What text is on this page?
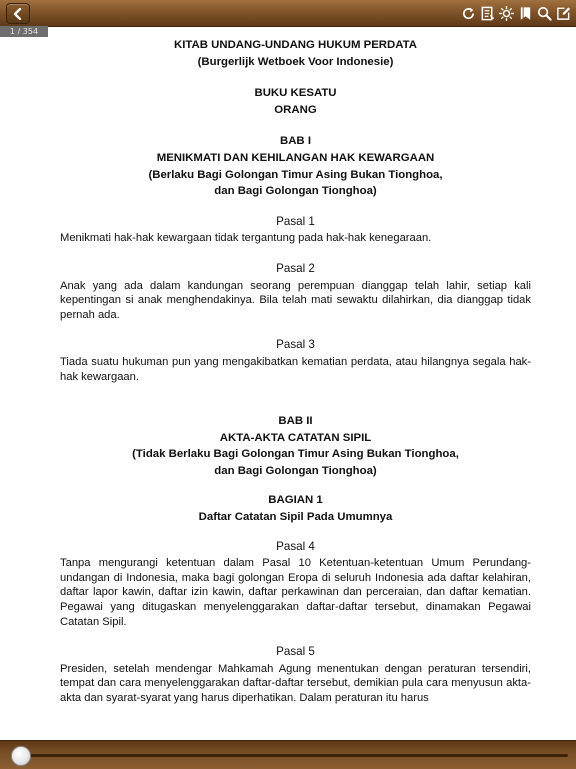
1 / 354

KITAB UNDANG-UNDANG HUKUM PERDATA

(Burgerlijk Wetboek Voor Indonesie)

BUKU KESATU

ORANG

BAB I

MENIKMATI DAN KEHILANGAN HAK KEWARGAAN

(Berlaku Bagi Golongan Timur Asing Bukan Tionghoa,

dan Bagi Golongan Tionghoa)

Pasal 1

Menikmati hak-hak kewargaan tidak tergantung pada hak-hak kenegaraan.

Pasal 2

Anak yang ada dalam kandungan seorang perempuan dianggap telah lahir, setiap kali kepentingan si anak menghendakinya. Bila telah mati sewaktu dilahirkan, dia dianggap tidak pernah ada.

Pasal 3

Tiada suatu hukuman pun yang mengakibatkan kematian perdata, atau hilangnya segala hak- hak kewargaan.

BAB II

AKTA-AKTA CATATAN SIPIL

(Tidak Berlaku Bagi Golongan Timur Asing Bukan Tionghoa,

dan Bagi Golongan Tionghoa)

BAGIAN 1

Daftar Catatan Sipil Pada Umumnya

Pasal 4

Tanpa mengurangi ketentuan dalam Pasal 10 Ketentuan-ketentuan Umum Perundang-undangan di Indonesia, maka bagi golongan Eropa di seluruh Indonesia ada daftar kelahiran, daftar lapor kawin, daftar izin kawin, daftar perkawinan dan perceraian, dan daftar kematian. Pegawai yang ditugaskan menyelenggarakan daftar-daftar tersebut, dinamakan Pegawai Catatan Sipil.

Pasal 5

Presiden, setelah mendengar Mahkamah Agung menentukan dengan peraturan tersendiri, tempat dan cara menyelenggarakan daftar-daftar tersebut, demikian pula cara menyusun akta- akta dan syarat-syarat yang harus diperhatikan. Dalam peraturan itu harus
